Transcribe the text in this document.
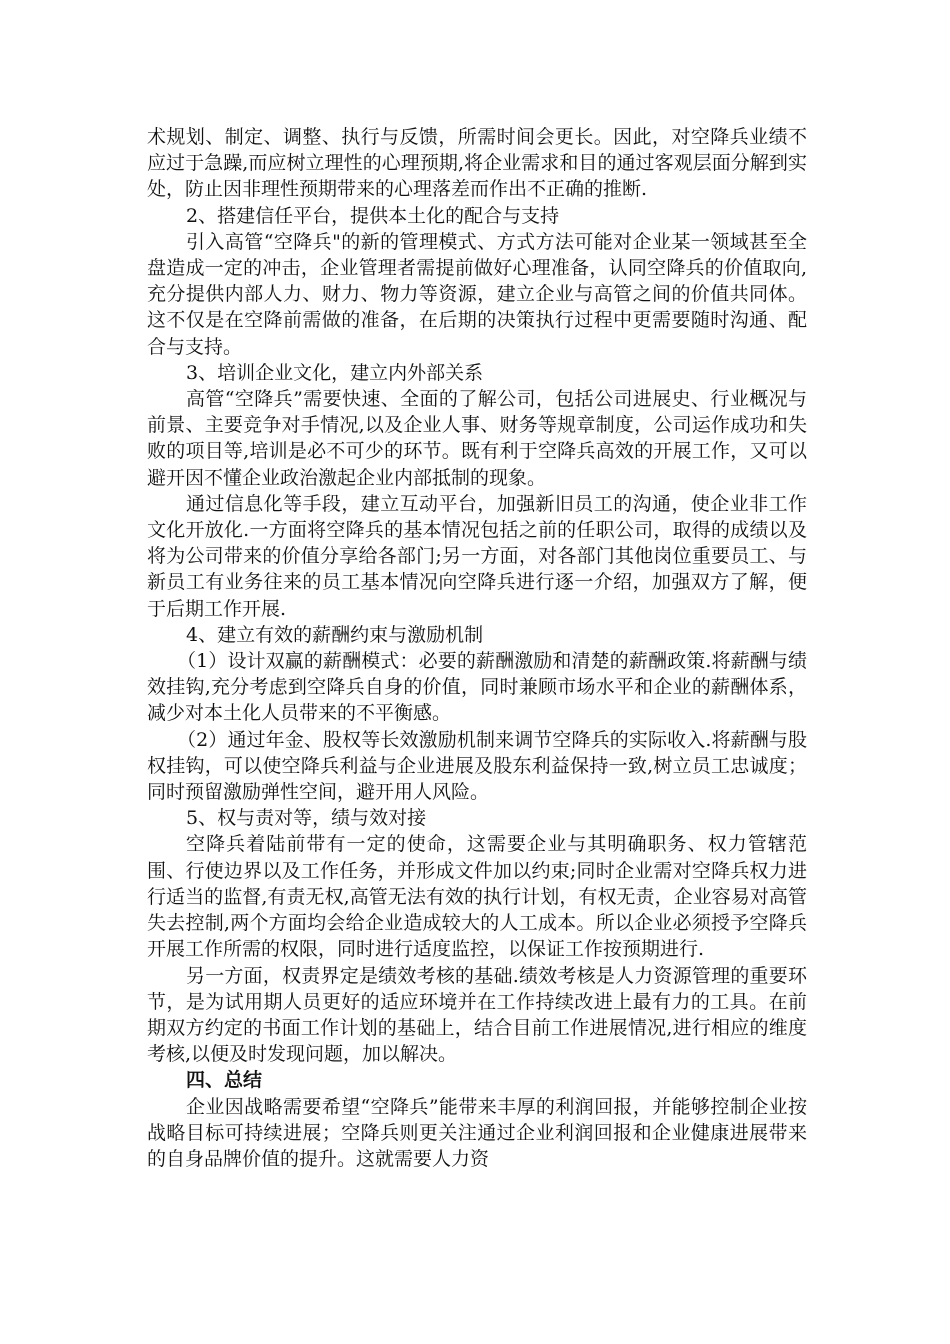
术规划、制定、调整、执行与反馈，所需时间会更长。因此，对空降兵业绩不应过于急躁,而应树立理性的心理预期,将企业需求和目的通过客观层面分解到实处，防止因非理性预期带来的心理落差而作出不正确的推断.

2、搭建信任平台，提供本土化的配合与支持

引入高管“空降兵"的新的管理模式、方式方法可能对企业某一领域甚至全盘造成一定的冲击，企业管理者需提前做好心理准备，认同空降兵的价值取向,充分提供内部人力、财力、物力等资源，建立企业与高管之间的价值共同体。这不仅是在空降前需做的准备，在后期的决策执行过程中更需要随时沟通、配合与支持。

3、培训企业文化，建立内外部关系

高管“空降兵”需要快速、全面的了解公司，包括公司进展史、行业概况与前景、主要竞争对手情况,以及企业人事、财务等规章制度，公司运作成功和失败的项目等,培训是必不可少的环节。既有利于空降兵高效的开展工作，又可以避开因不懂企业政治激起企业内部抵制的现象。

通过信息化等手段，建立互动平台，加强新旧员工的沟通，使企业非工作文化开放化.一方面将空降兵的基本情况包括之前的任职公司，取得的成绩以及将为公司带来的价值分享给各部门;另一方面，对各部门其他岗位重要员工、与新员工有业务往来的员工基本情况向空降兵进行逐一介绍，加强双方了解，便于后期工作开展.

4、建立有效的薪酬约束与激励机制

（1）设计双赢的薪酬模式：必要的薪酬激励和清楚的薪酬政策.将薪酬与绩效挂钩,充分考虑到空降兵自身的价值，同时兼顾市场水平和企业的薪酬体系，减少对本土化人员带来的不平衡感。

（2）通过年金、股权等长效激励机制来调节空降兵的实际收入.将薪酬与股权挂钩，可以使空降兵利益与企业进展及股东利益保持一致,树立员工忠诚度；同时预留激励弹性空间，避开用人风险。

5、权与责对等，绩与效对接

空降兵着陆前带有一定的使命，这需要企业与其明确职务、权力管辖范围、行使边界以及工作任务，并形成文件加以约束;同时企业需对空降兵权力进行适当的监督,有责无权,高管无法有效的执行计划，有权无责，企业容易对高管失去控制,两个方面均会给企业造成较大的人工成本。所以企业必须授予空降兵开展工作所需的权限，同时进行适度监控，以保证工作按预期进行.

另一方面，权责界定是绩效考核的基础.绩效考核是人力资源管理的重要环节，是为试用期人员更好的适应环境并在工作持续改进上最有力的工具。在前期双方约定的书面工作计划的基础上，结合目前工作进展情况,进行相应的维度考核,以便及时发现问题，加以解决。

四、总结

企业因战略需要希望“空降兵”能带来丰厚的利润回报，并能够控制企业按战略目标可持续进展；空降兵则更关注通过企业利润回报和企业健康进展带来的自身品牌价值的提升。这就需要人力资
